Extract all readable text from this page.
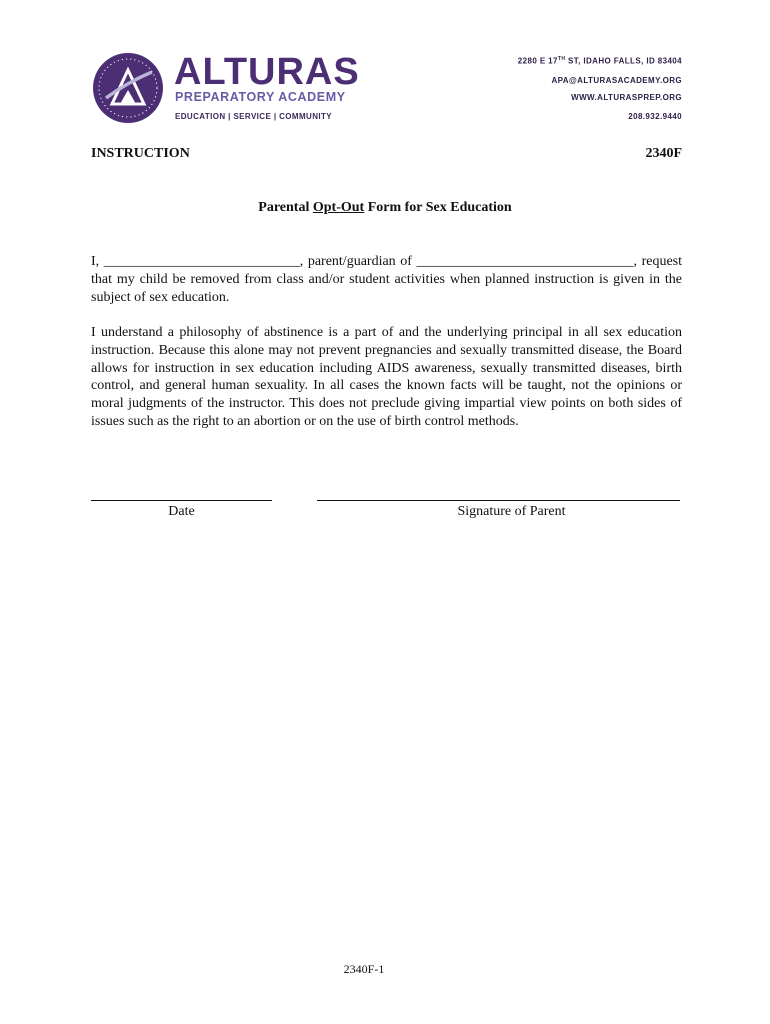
ALTURAS
PREPARATORY ACADEMY
EDUCATION | SERVICE | COMMUNITY
2280 E 17TH ST, IDAHO FALLS, ID 83404
APA@ALTURASACADEMY.ORG
WWW.ALTURASPREP.ORG
208.932.9440
INSTRUCTION	2340F
Parental Opt-Out Form for Sex Education
I, ____________________________, parent/guardian of _______________________________, request that my child be removed from class and/or student activities when planned instruction is given in the subject of sex education.
I understand a philosophy of abstinence is a part of and the underlying principal in all sex education instruction. Because this alone may not prevent pregnancies and sexually transmitted disease, the Board allows for instruction in sex education including AIDS awareness, sexually transmitted diseases, birth control, and general human sexuality. In all cases the known facts will be taught, not the opinions or moral judgments of the instructor. This does not preclude giving impartial view points on both sides of issues such as the right to an abortion or on the use of birth control methods.
Date	Signature of Parent
2340F-1
